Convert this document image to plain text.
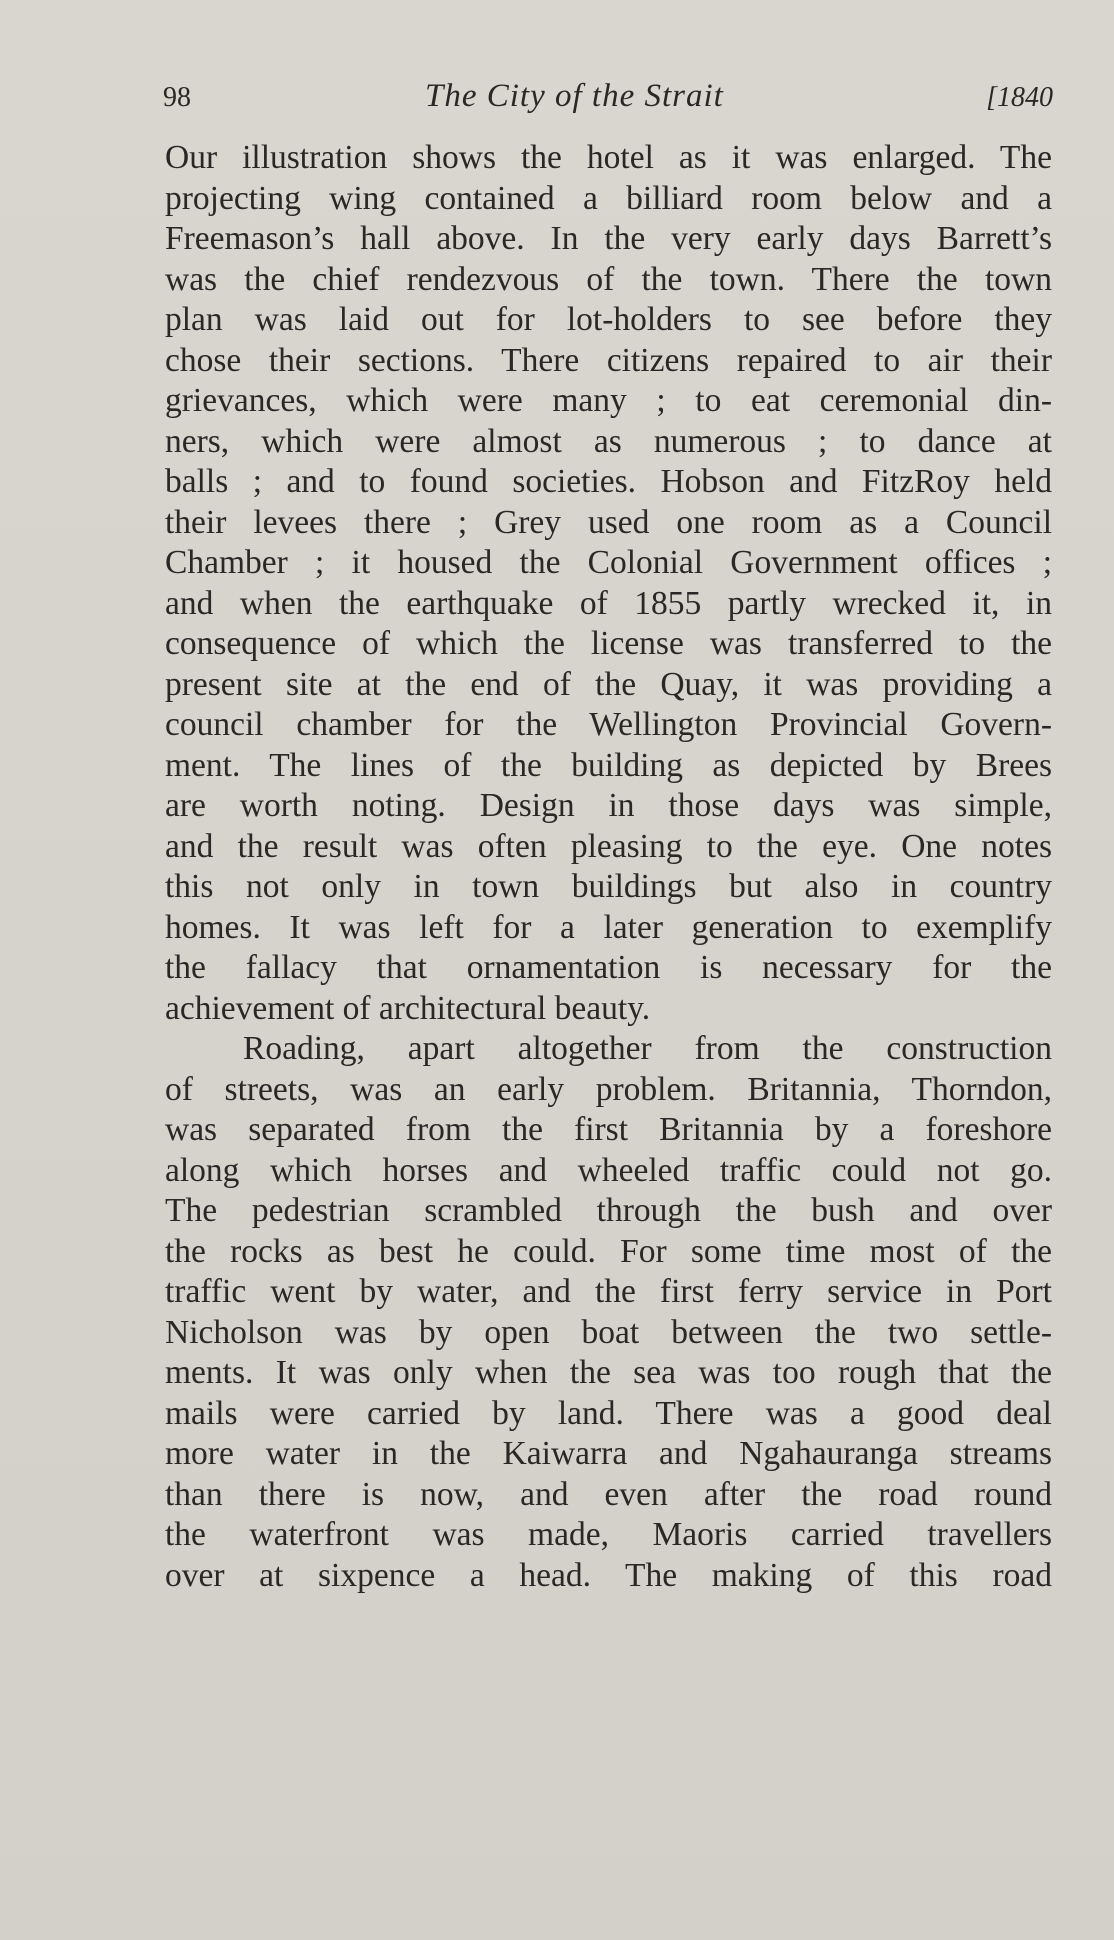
98	The City of the Strait	[1840
Our illustration shows the hotel as it was enlarged. The
projecting wing contained a billiard room below and a
Freemason’s hall above. In the very early days Barrett’s
was the chief rendezvous of the town. There the town
plan was laid out for lot-holders to see before they
chose their sections. There citizens repaired to air their
grievances, which were many ; to eat ceremonial din-
ners, which were almost as numerous ; to dance at
balls ; and to found societies. Hobson and FitzRoy held
their levees there ; Grey used one room as a Council
Chamber ; it housed the Colonial Government offices ;
and when the earthquake of 1855 partly wrecked it, in
consequence of which the license was transferred to the
present site at the end of the Quay, it was providing a
council chamber for the Wellington Provincial Govern-
ment. The lines of the building as depicted by Brees
are worth noting. Design in those days was simple,
and the result was often pleasing to the eye. One notes
this not only in town buildings but also in country
homes. It was left for a later generation to exemplify
the fallacy that ornamentation is necessary for the
achievement of architectural beauty.
Roading, apart altogether from the construction
of streets, was an early problem. Britannia, Thorndon,
was separated from the first Britannia by a foreshore
along which horses and wheeled traffic could not go.
The pedestrian scrambled through the bush and over
the rocks as best he could. For some time most of the
traffic went by water, and the first ferry service in Port
Nicholson was by open boat between the two settle-
ments. It was only when the sea was too rough that the
mails were carried by land. There was a good deal
more water in the Kaiwarra and Ngahauranga streams
than there is now, and even after the road round
the waterfront was made, Maoris carried travellers
over at sixpence a head. The making of this road
